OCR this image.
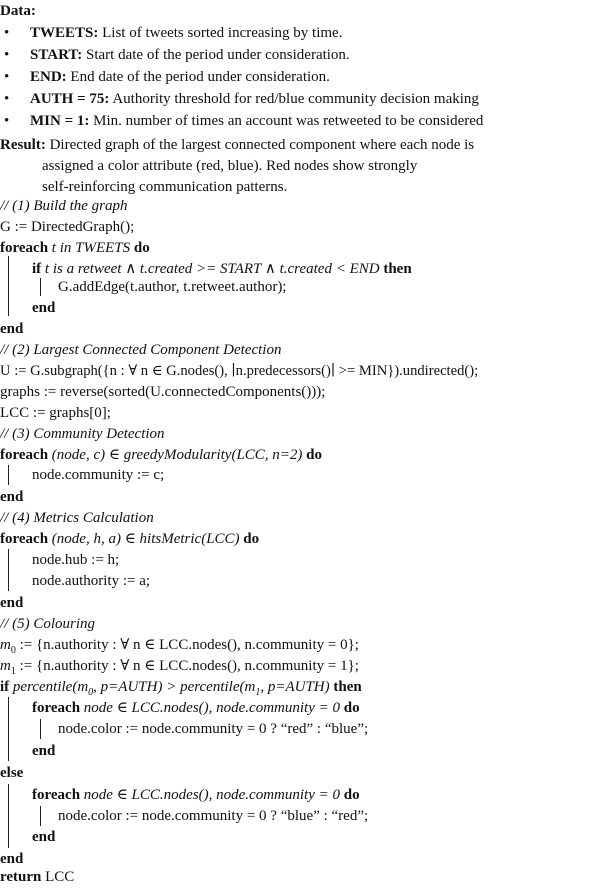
Data:
• TWEETS: List of tweets sorted increasing by time.
• START: Start date of the period under consideration.
• END: End date of the period under consideration.
• AUTH = 75: Authority threshold for red/blue community decision making
• MIN = 1: Min. number of times an account was retweeted to be considered
Result: Directed graph of the largest connected component where each node is
assigned a color attribute (red, blue). Red nodes show strongly
self-reinforcing communication patterns.
// (1) Build the graph
G := DirectedGraph();
foreach t in TWEETS do
if t is a retweet ∧ t.created >= START ∧ t.created < END then
G.addEdge(t.author, t.retweet.author);
end
end
// (2) Largest Connected Component Detection
U := G.subgraph({n : ∀ n ∈ G.nodes(), ∣n.predecessors()∣ >= MIN}).undirected();
graphs := reverse(sorted(U.connectedComponents()));
LCC := graphs[0];
// (3) Community Detection
foreach (node, c) ∈ greedyModularity(LCC, n=2) do
node.community := c;
end
// (4) Metrics Calculation
foreach (node, h, a) ∈ hitsMetric(LCC) do
node.hub := h;
node.authority := a;
end
// (5) Colouring
$m_0$ := {n.authority : ∀ n ∈ LCC.nodes(), n.community = 0};
$m_1$ := {n.authority : ∀ n ∈ LCC.nodes(), n.community = 1};
if $percentile(m_0$, p=AUTH) > $percentile(m_1$, p=AUTH) then
foreach node ∈ LCC.nodes(), node.community = 0 do
node.color := node.community = 0 ? “red” : “blue”;
end
else
foreach node ∈ LCC.nodes(), node.community = 0 do
node.color := node.community = 0 ? “blue” : “red”;
end
end
return LCC
